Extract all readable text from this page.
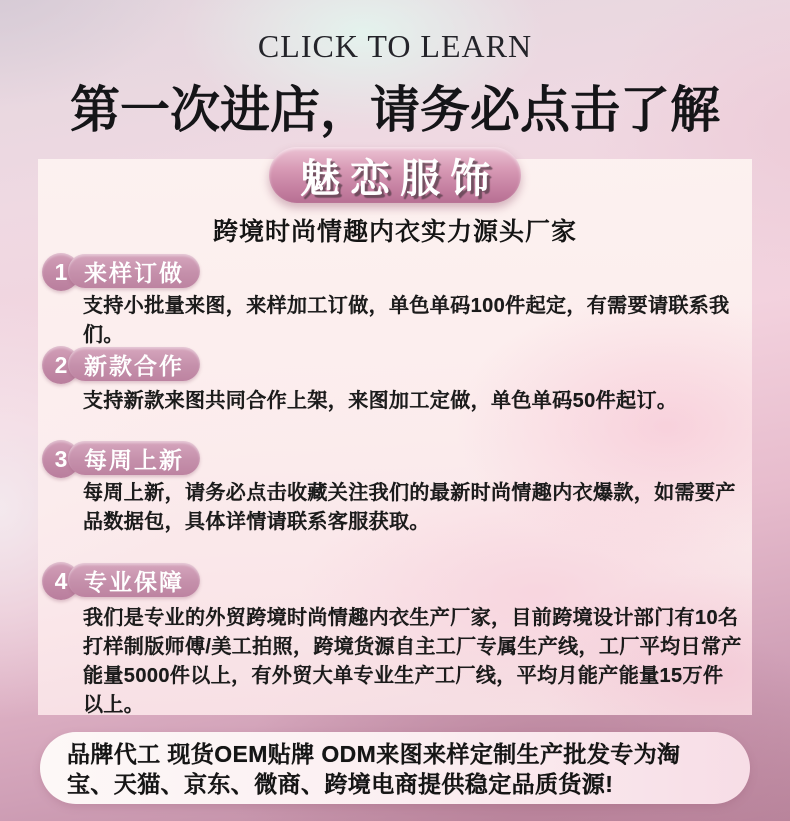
CLICK TO LEARN
第一次进店，请务必点击了解
魅恋服饰
跨境时尚情趣内衣实力源头厂家
1 来样订做
支持小批量来图，来样加工订做，单色单码100件起定，有需要请联系我们。
2 新款合作
支持新款来图共同合作上架，来图加工定做，单色单码50件起订。
3 每周上新
每周上新，请务必点击收藏关注我们的最新时尚情趣内衣爆款，如需要产品数据包，具体详情请联系客服获取。
4 专业保障
我们是专业的外贸跨境时尚情趣内衣生产厂家，目前跨境设计部门有10名打样制版师傅/美工拍照，跨境货源自主工厂专属生产线，工厂平均日常产能量5000件以上，有外贸大单专业生产工厂线，平均月能产能量15万件以上。
品牌代工 现货OEM贴牌 ODM来图来样定制生产批发专为淘宝、天猫、京东、微商、跨境电商提供稳定品质货源!
